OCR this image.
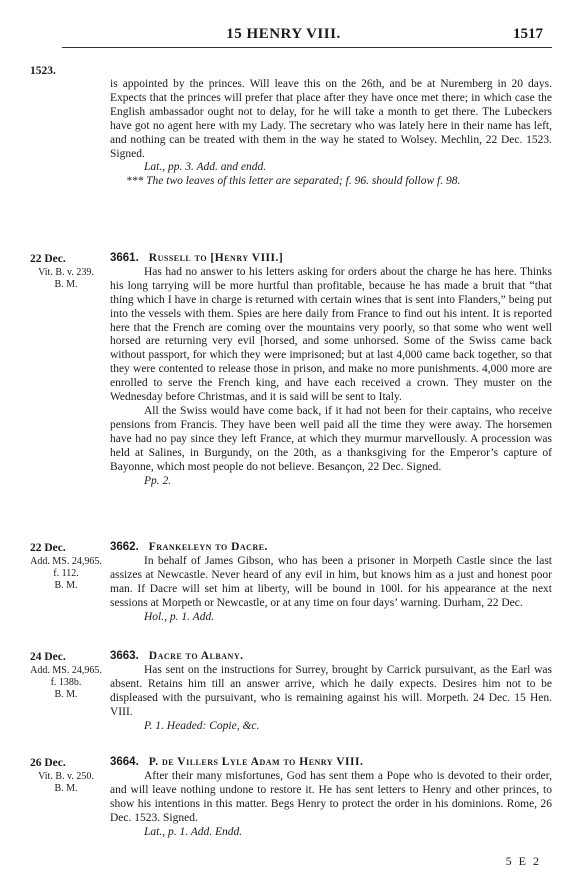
15 HENRY VIII.	1517
1523.

is appointed by the princes. Will leave this on the 26th, and be at Nuremberg in 20 days. Expects that the princes will prefer that place after they have once met there; in which case the English ambassador ought not to delay, for he will take a month to get there. The Lubeckers have got no agent here with my Lady. The secretary who was lately here in their name has left, and nothing can be treated with them in the way he stated to Wolsey. Mechlin, 22 Dec. 1523. Signed.

Lat., pp. 3. Add. and endd.

*** The two leaves of this letter are separated; f. 96. should follow f. 98.

22 Dec.
Vit. B. v. 239.
B. M.

3661. Russell to [Henry VIII.]

Has had no answer to his letters asking for orders about the charge he has here. Thinks his long tarrying will be more hurtful than profitable, because he has made a bruit that “that thing which I have in charge is returned with certain wines that is sent into Flanders,” being put into the vessels with them. Spies are here daily from France to find out his intent. It is reported here that the French are coming over the mountains very poorly, so that some who went well horsed are returning very evil [horsed, and some unhorsed. Some of the Swiss came back without passport, for which they were imprisoned; but at last 4,000 came back together, so that they were contented to release those in prison, and make no more punishments. 4,000 more are enrolled to serve the French king, and have each received a crown. They muster on the Wednesday before Christmas, and it is said will be sent to Italy.

All the Swiss would have come back, if it had not been for their captains, who receive pensions from Francis. They have been well paid all the time they were away. The horsemen have had no pay since they left France, at which they murmur marvellously. A procession was held at Salines, in Burgundy, on the 20th, as a thanksgiving for the Emperor’s capture of Bayonne, which most people do not believe. Besançon, 22 Dec. Signed.

Pp. 2.

22 Dec.
Add. MS. 24,965. f. 112.
B. M.

3662. Frankeleyn to Dacre.

In behalf of James Gibson, who has been a prisoner in Morpeth Castle since the last assizes at Newcastle. Never heard of any evil in him, but knows him as a just and honest poor man. If Dacre will set him at liberty, will be bound in 100l. for his appearance at the next sessions at Morpeth or Newcastle, or at any time on four days’ warning. Durham, 22 Dec.

Hol., p. 1. Add.

24 Dec.
Add. MS. 24,965. f. 138b.
B. M.

3663. Dacre to Albany.

Has sent on the instructions for Surrey, brought by Carrick pursuivant, as the Earl was absent. Retains him till an answer arrive, which he daily expects. Desires him not to be displeased with the pursuivant, who is remaining against his will. Morpeth. 24 Dec. 15 Hen. VIII.

P. 1. Headed: Copie, &c.

26 Dec.
Vit. B. v. 250.
B. M.

3664. P. de Villers Lyle Adam to Henry VIII.

After their many misfortunes, God has sent them a Pope who is devoted to their order, and will leave nothing undone to restore it. He has sent letters to Henry and other princes, to show his intentions in this matter. Begs Henry to protect the order in his dominions. Rome, 26 Dec. 1523. Signed.

Lat., p. 1. Add. Endd.

5 E 2
